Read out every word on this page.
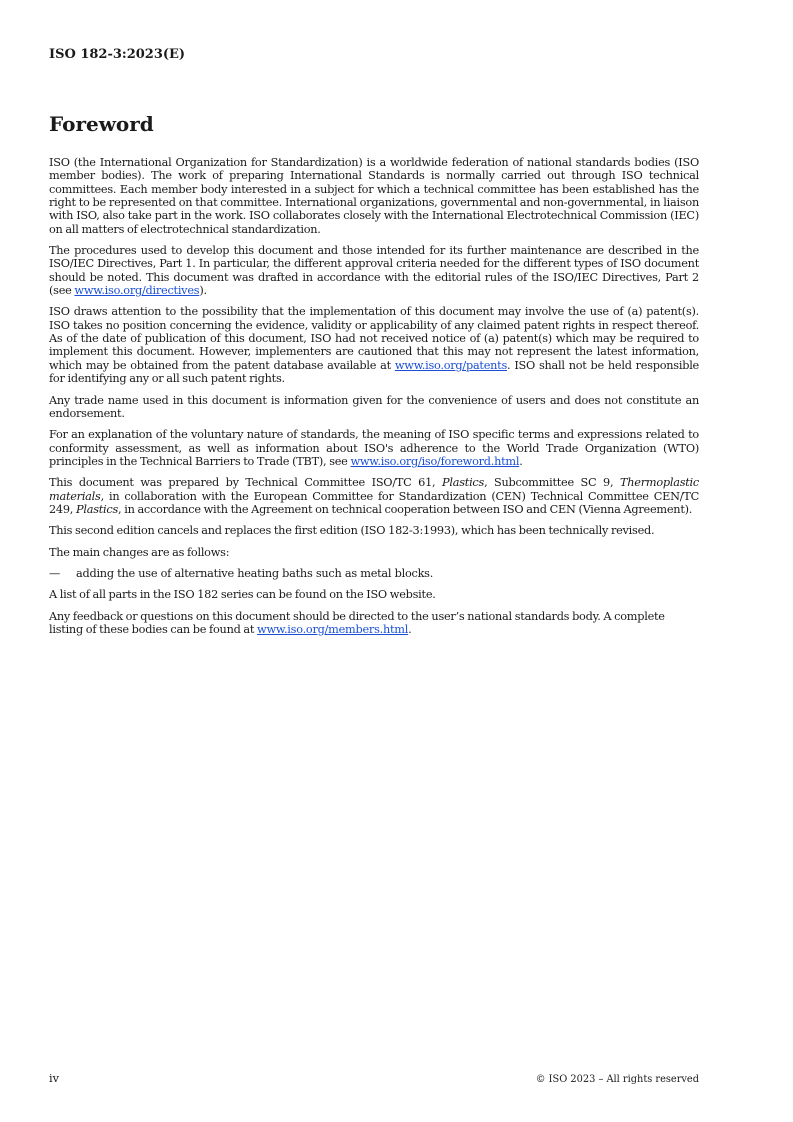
ISO 182-3:2023(E)

Foreword

ISO (the International Organization for Standardization) is a worldwide federation of national standards bodies (ISO member bodies). The work of preparing International Standards is normally carried out through ISO technical committees. Each member body interested in a subject for which a technical committee has been established has the right to be represented on that committee. International organizations, governmental and non-governmental, in liaison with ISO, also take part in the work. ISO collaborates closely with the International Electrotechnical Commission (IEC) on all matters of electrotechnical standardization.

The procedures used to develop this document and those intended for its further maintenance are described in the ISO/IEC Directives, Part 1. In particular, the different approval criteria needed for the different types of ISO document should be noted. This document was drafted in accordance with the editorial rules of the ISO/IEC Directives, Part 2 (see www.iso.org/directives).

ISO draws attention to the possibility that the implementation of this document may involve the use of (a) patent(s). ISO takes no position concerning the evidence, validity or applicability of any claimed patent rights in respect thereof. As of the date of publication of this document, ISO had not received notice of (a) patent(s) which may be required to implement this document. However, implementers are cautioned that this may not represent the latest information, which may be obtained from the patent database available at www.iso.org/patents. ISO shall not be held responsible for identifying any or all such patent rights.

Any trade name used in this document is information given for the convenience of users and does not constitute an endorsement.

For an explanation of the voluntary nature of standards, the meaning of ISO specific terms and expressions related to conformity assessment, as well as information about ISO's adherence to the World Trade Organization (WTO) principles in the Technical Barriers to Trade (TBT), see www.iso.org/iso/foreword.html.

This document was prepared by Technical Committee ISO/TC 61, Plastics, Subcommittee SC 9, Thermoplastic materials, in collaboration with the European Committee for Standardization (CEN) Technical Committee CEN/TC 249, Plastics, in accordance with the Agreement on technical cooperation between ISO and CEN (Vienna Agreement).

This second edition cancels and replaces the first edition (ISO 182-3:1993), which has been technically revised.

The main changes are as follows:

—	adding the use of alternative heating baths such as metal blocks.

A list of all parts in the ISO 182 series can be found on the ISO website.

Any feedback or questions on this document should be directed to the user’s national standards body. A complete listing of these bodies can be found at www.iso.org/members.html.

iv	© ISO 2023 – All rights reserved
